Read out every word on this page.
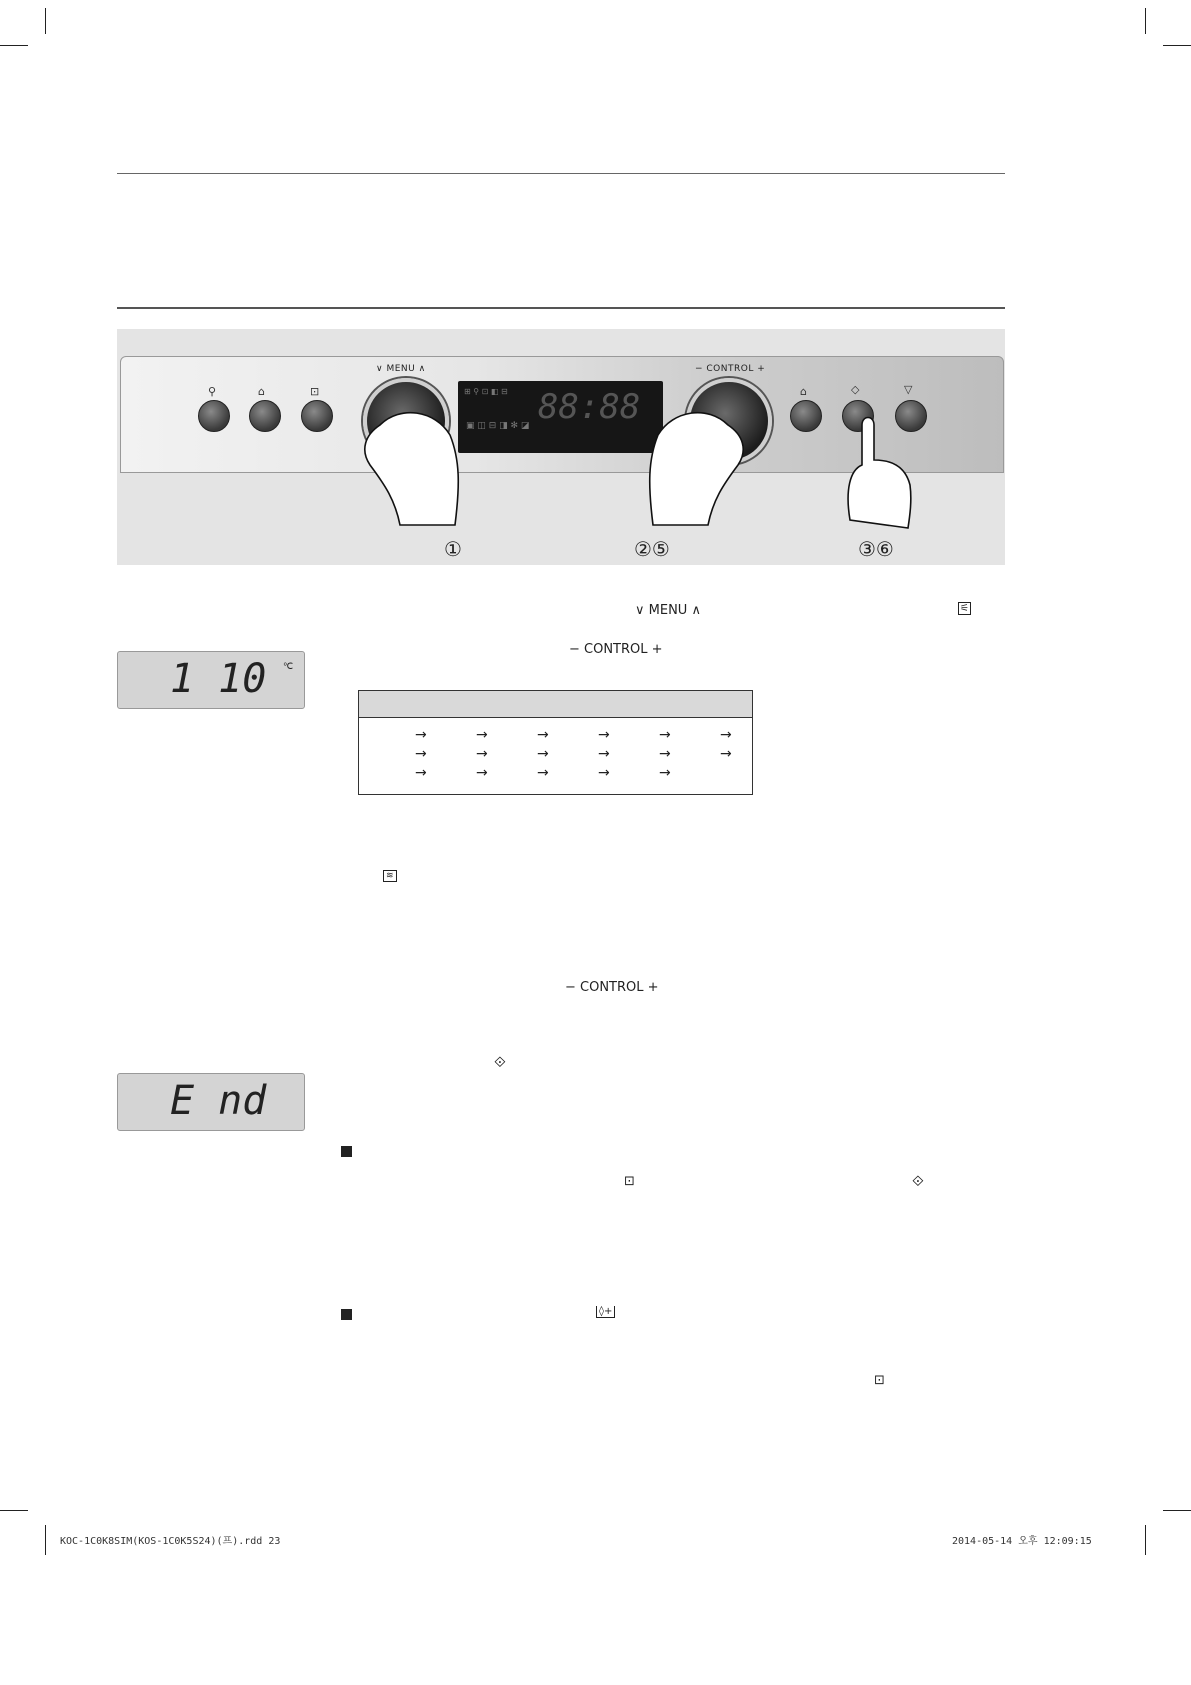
⚲	⌂	⊡
∨ MENU ∧
⊞ ⚲ ⊡ ◧ ⊟ 88:88
▣ ◫ ⊟ ◨ ✻ ◪
− CONTROL +
⌂	◇	▽
①	②⑤	③⑥
∨ MENU ∧	⚟
1 10 ℃
− CONTROL +
→	→	→	→	→	→
→	→	→	→	→	→
→	→	→	→	→
≋
− CONTROL +
⟐
E nd
⊡	⟐
◊+
⊡
KOC-1C0K8SIM(KOS-1C0K5S24)(프).rdd 23	2014-05-14 오후 12:09:15
